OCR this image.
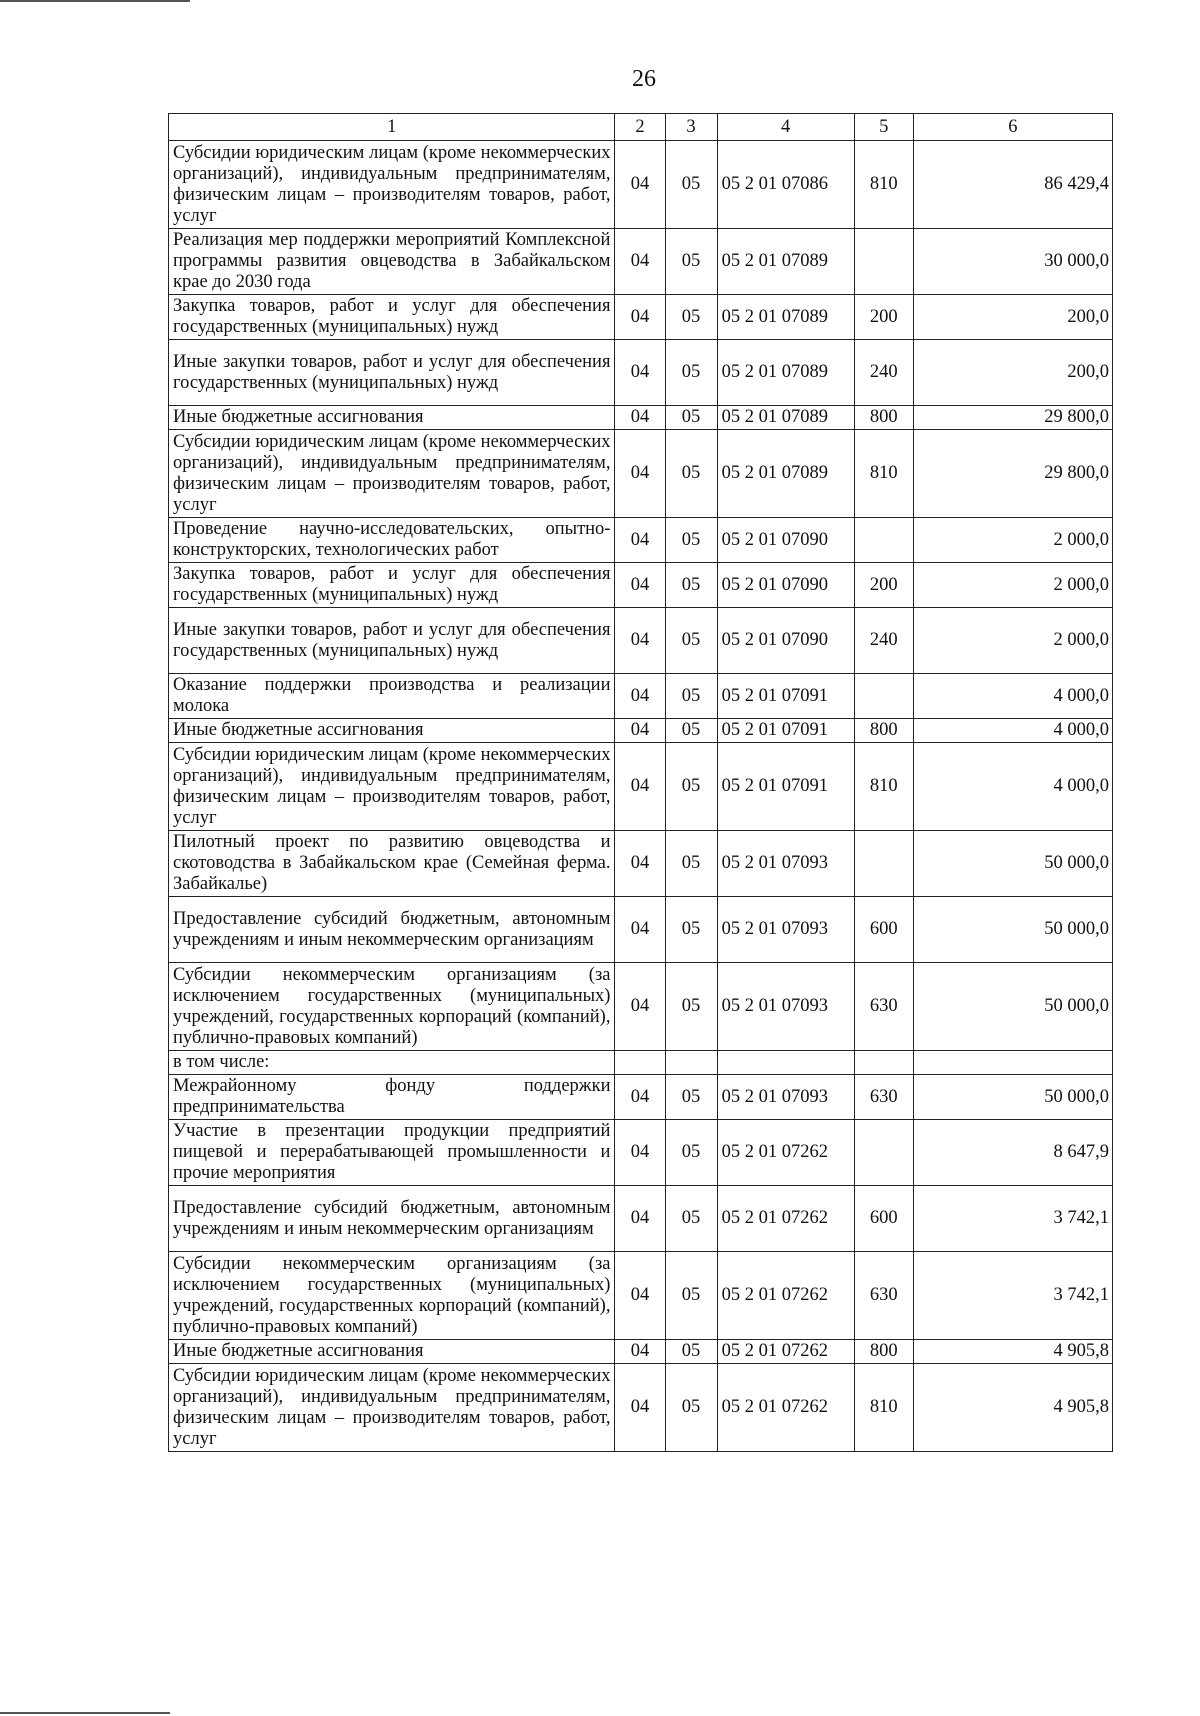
26
1	2	3	4	5	6
Субсидии юридическим лицам (кроме некоммерческих организаций), индивидуальным предпринимателям, физическим лицам – производителям товаров, работ, услуг	04	05	05 2 01 07086	810	86 429,4
Реализация мер поддержки мероприятий Комплексной программы развития овцеводства в Забайкальском крае до 2030 года	04	05	05 2 01 07089		30 000,0
Закупка товаров, работ и услуг для обеспечения государственных (муниципальных) нужд	04	05	05 2 01 07089	200	200,0
Иные закупки товаров, работ и услуг для обеспечения государственных (муниципальных) нужд	04	05	05 2 01 07089	240	200,0
Иные бюджетные ассигнования	04	05	05 2 01 07089	800	29 800,0
Субсидии юридическим лицам (кроме некоммерческих организаций), индивидуальным предпринимателям, физическим лицам – производителям товаров, работ, услуг	04	05	05 2 01 07089	810	29 800,0
Проведение научно-исследовательских, опытно-конструкторских, технологических работ	04	05	05 2 01 07090		2 000,0
Закупка товаров, работ и услуг для обеспечения государственных (муниципальных) нужд	04	05	05 2 01 07090	200	2 000,0
Иные закупки товаров, работ и услуг для обеспечения государственных (муниципальных) нужд	04	05	05 2 01 07090	240	2 000,0
Оказание поддержки производства и реализации молока	04	05	05 2 01 07091		4 000,0
Иные бюджетные ассигнования	04	05	05 2 01 07091	800	4 000,0
Субсидии юридическим лицам (кроме некоммерческих организаций), индивидуальным предпринимателям, физическим лицам – производителям товаров, работ, услуг	04	05	05 2 01 07091	810	4 000,0
Пилотный проект по развитию овцеводства и скотоводства в Забайкальском крае (Семейная ферма. Забайкалье)	04	05	05 2 01 07093		50 000,0
Предоставление субсидий бюджетным, автономным учреждениям и иным некоммерческим организациям	04	05	05 2 01 07093	600	50 000,0
Субсидии некоммерческим организациям (за исключением государственных (муниципальных) учреждений, государственных корпораций (компаний), публично-правовых компаний)	04	05	05 2 01 07093	630	50 000,0
в том числе:					
Межрайонному фонду поддержки предпринимательства	04	05	05 2 01 07093	630	50 000,0
Участие в презентации продукции предприятий пищевой и перерабатывающей промышленности и прочие мероприятия	04	05	05 2 01 07262		8 647,9
Предоставление субсидий бюджетным, автономным учреждениям и иным некоммерческим организациям	04	05	05 2 01 07262	600	3 742,1
Субсидии некоммерческим организациям (за исключением государственных (муниципальных) учреждений, государственных корпораций (компаний), публично-правовых компаний)	04	05	05 2 01 07262	630	3 742,1
Иные бюджетные ассигнования	04	05	05 2 01 07262	800	4 905,8
Субсидии юридическим лицам (кроме некоммерческих организаций), индивидуальным предпринимателям, физическим лицам – производителям товаров, работ, услуг	04	05	05 2 01 07262	810	4 905,8
